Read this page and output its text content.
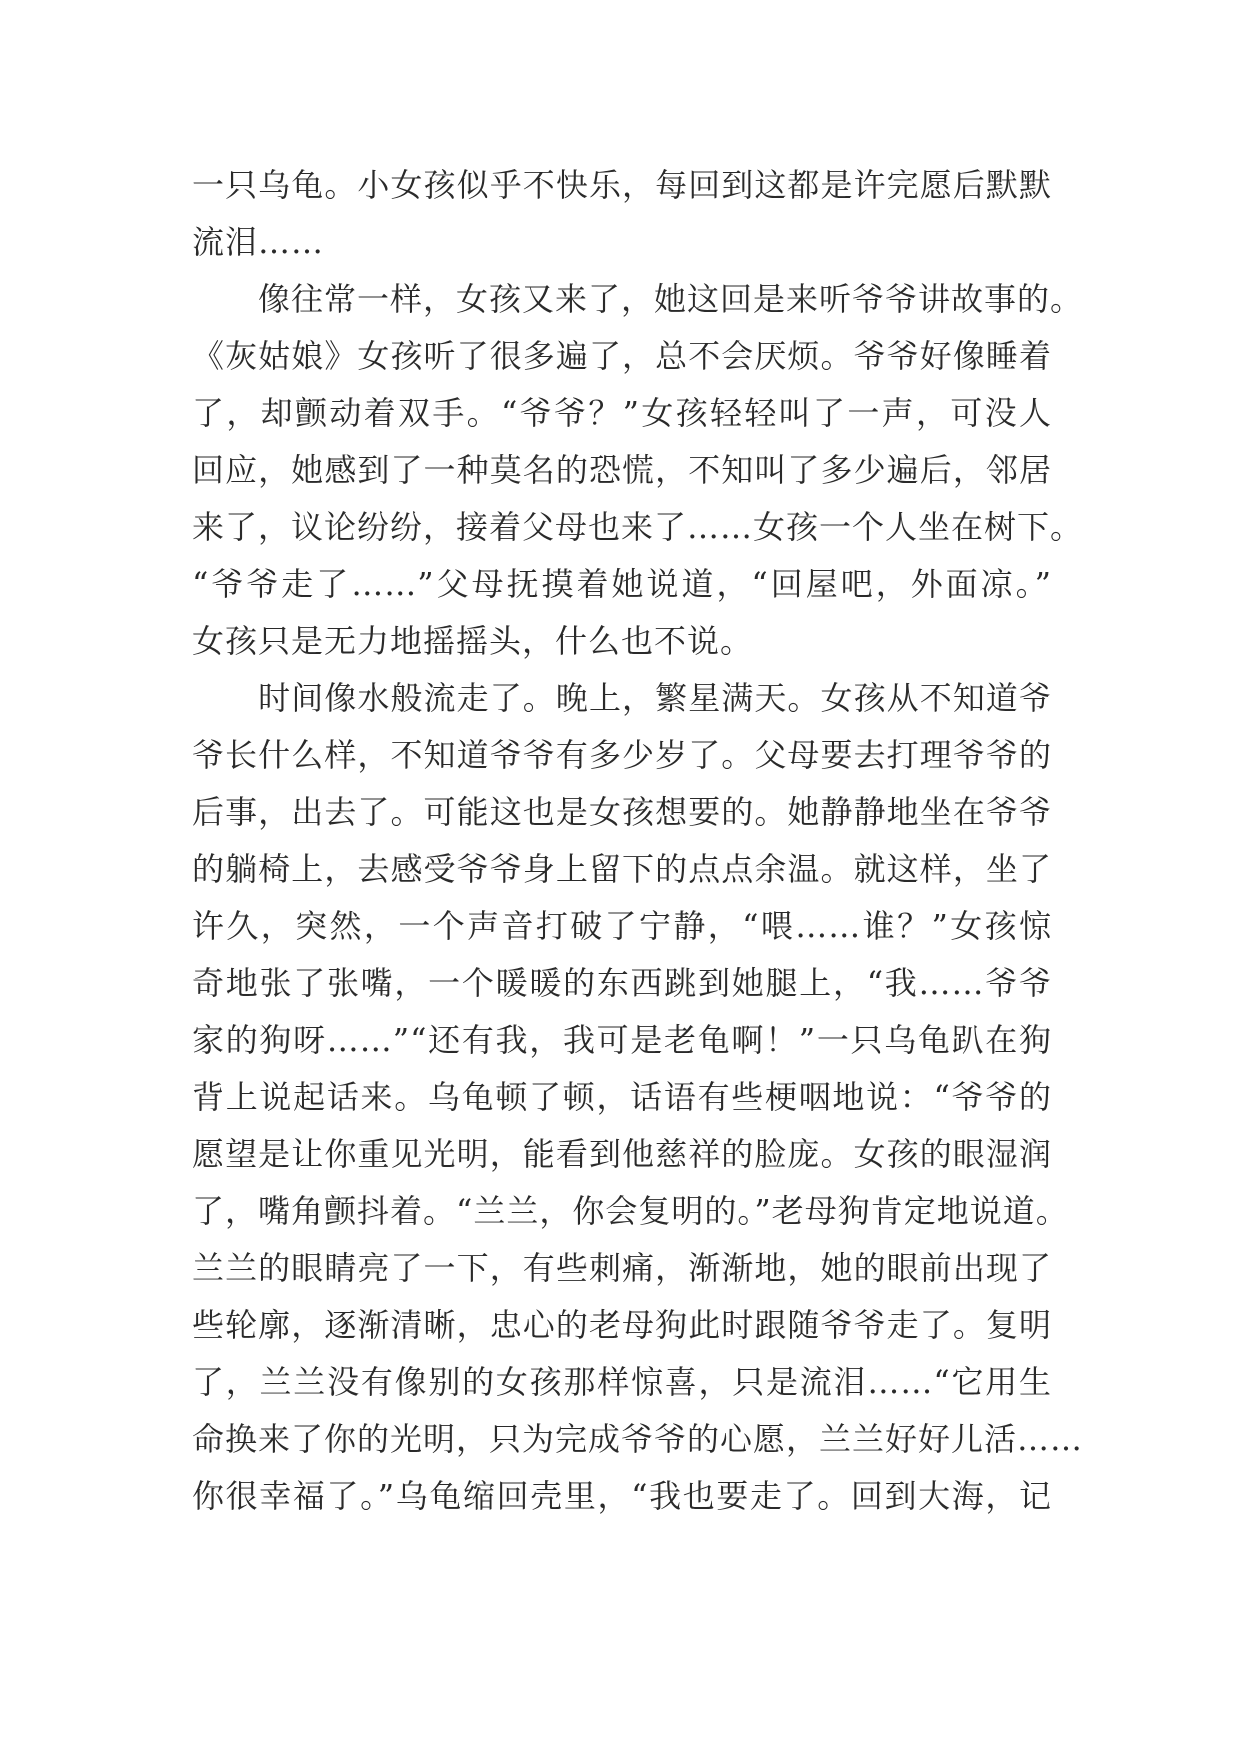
一只乌龟。小女孩似乎不快乐，每回到这都是许完愿后默默
流泪……
　　像往常一样，女孩又来了，她这回是来听爷爷讲故事的。
《灰姑娘》女孩听了很多遍了，总不会厌烦。爷爷好像睡着
了，却颤动着双手。“爷爷？”女孩轻轻叫了一声，可没人
回应，她感到了一种莫名的恐慌，不知叫了多少遍后，邻居
来了，议论纷纷，接着父母也来了……女孩一个人坐在树下。
“爷爷走了……”父母抚摸着她说道，“回屋吧，外面凉。”
女孩只是无力地摇摇头，什么也不说。
　　时间像水般流走了。晚上，繁星满天。女孩从不知道爷
爷长什么样，不知道爷爷有多少岁了。父母要去打理爷爷的
后事，出去了。可能这也是女孩想要的。她静静地坐在爷爷
的躺椅上，去感受爷爷身上留下的点点余温。就这样，坐了
许久，突然，一个声音打破了宁静，“喂……谁？”女孩惊
奇地张了张嘴，一个暖暖的东西跳到她腿上，“我……爷爷
家的狗呀……”“还有我，我可是老龟啊！”一只乌龟趴在狗
背上说起话来。乌龟顿了顿，话语有些梗咽地说：“爷爷的
愿望是让你重见光明，能看到他慈祥的脸庞。女孩的眼湿润
了，嘴角颤抖着。“兰兰，你会复明的。”老母狗肯定地说道。
兰兰的眼睛亮了一下，有些刺痛，渐渐地，她的眼前出现了
些轮廓，逐渐清晰，忠心的老母狗此时跟随爷爷走了。复明
了，兰兰没有像别的女孩那样惊喜，只是流泪……“它用生
命换来了你的光明，只为完成爷爷的心愿，兰兰好好儿活……
你很幸福了。”乌龟缩回壳里，“我也要走了。回到大海，记
